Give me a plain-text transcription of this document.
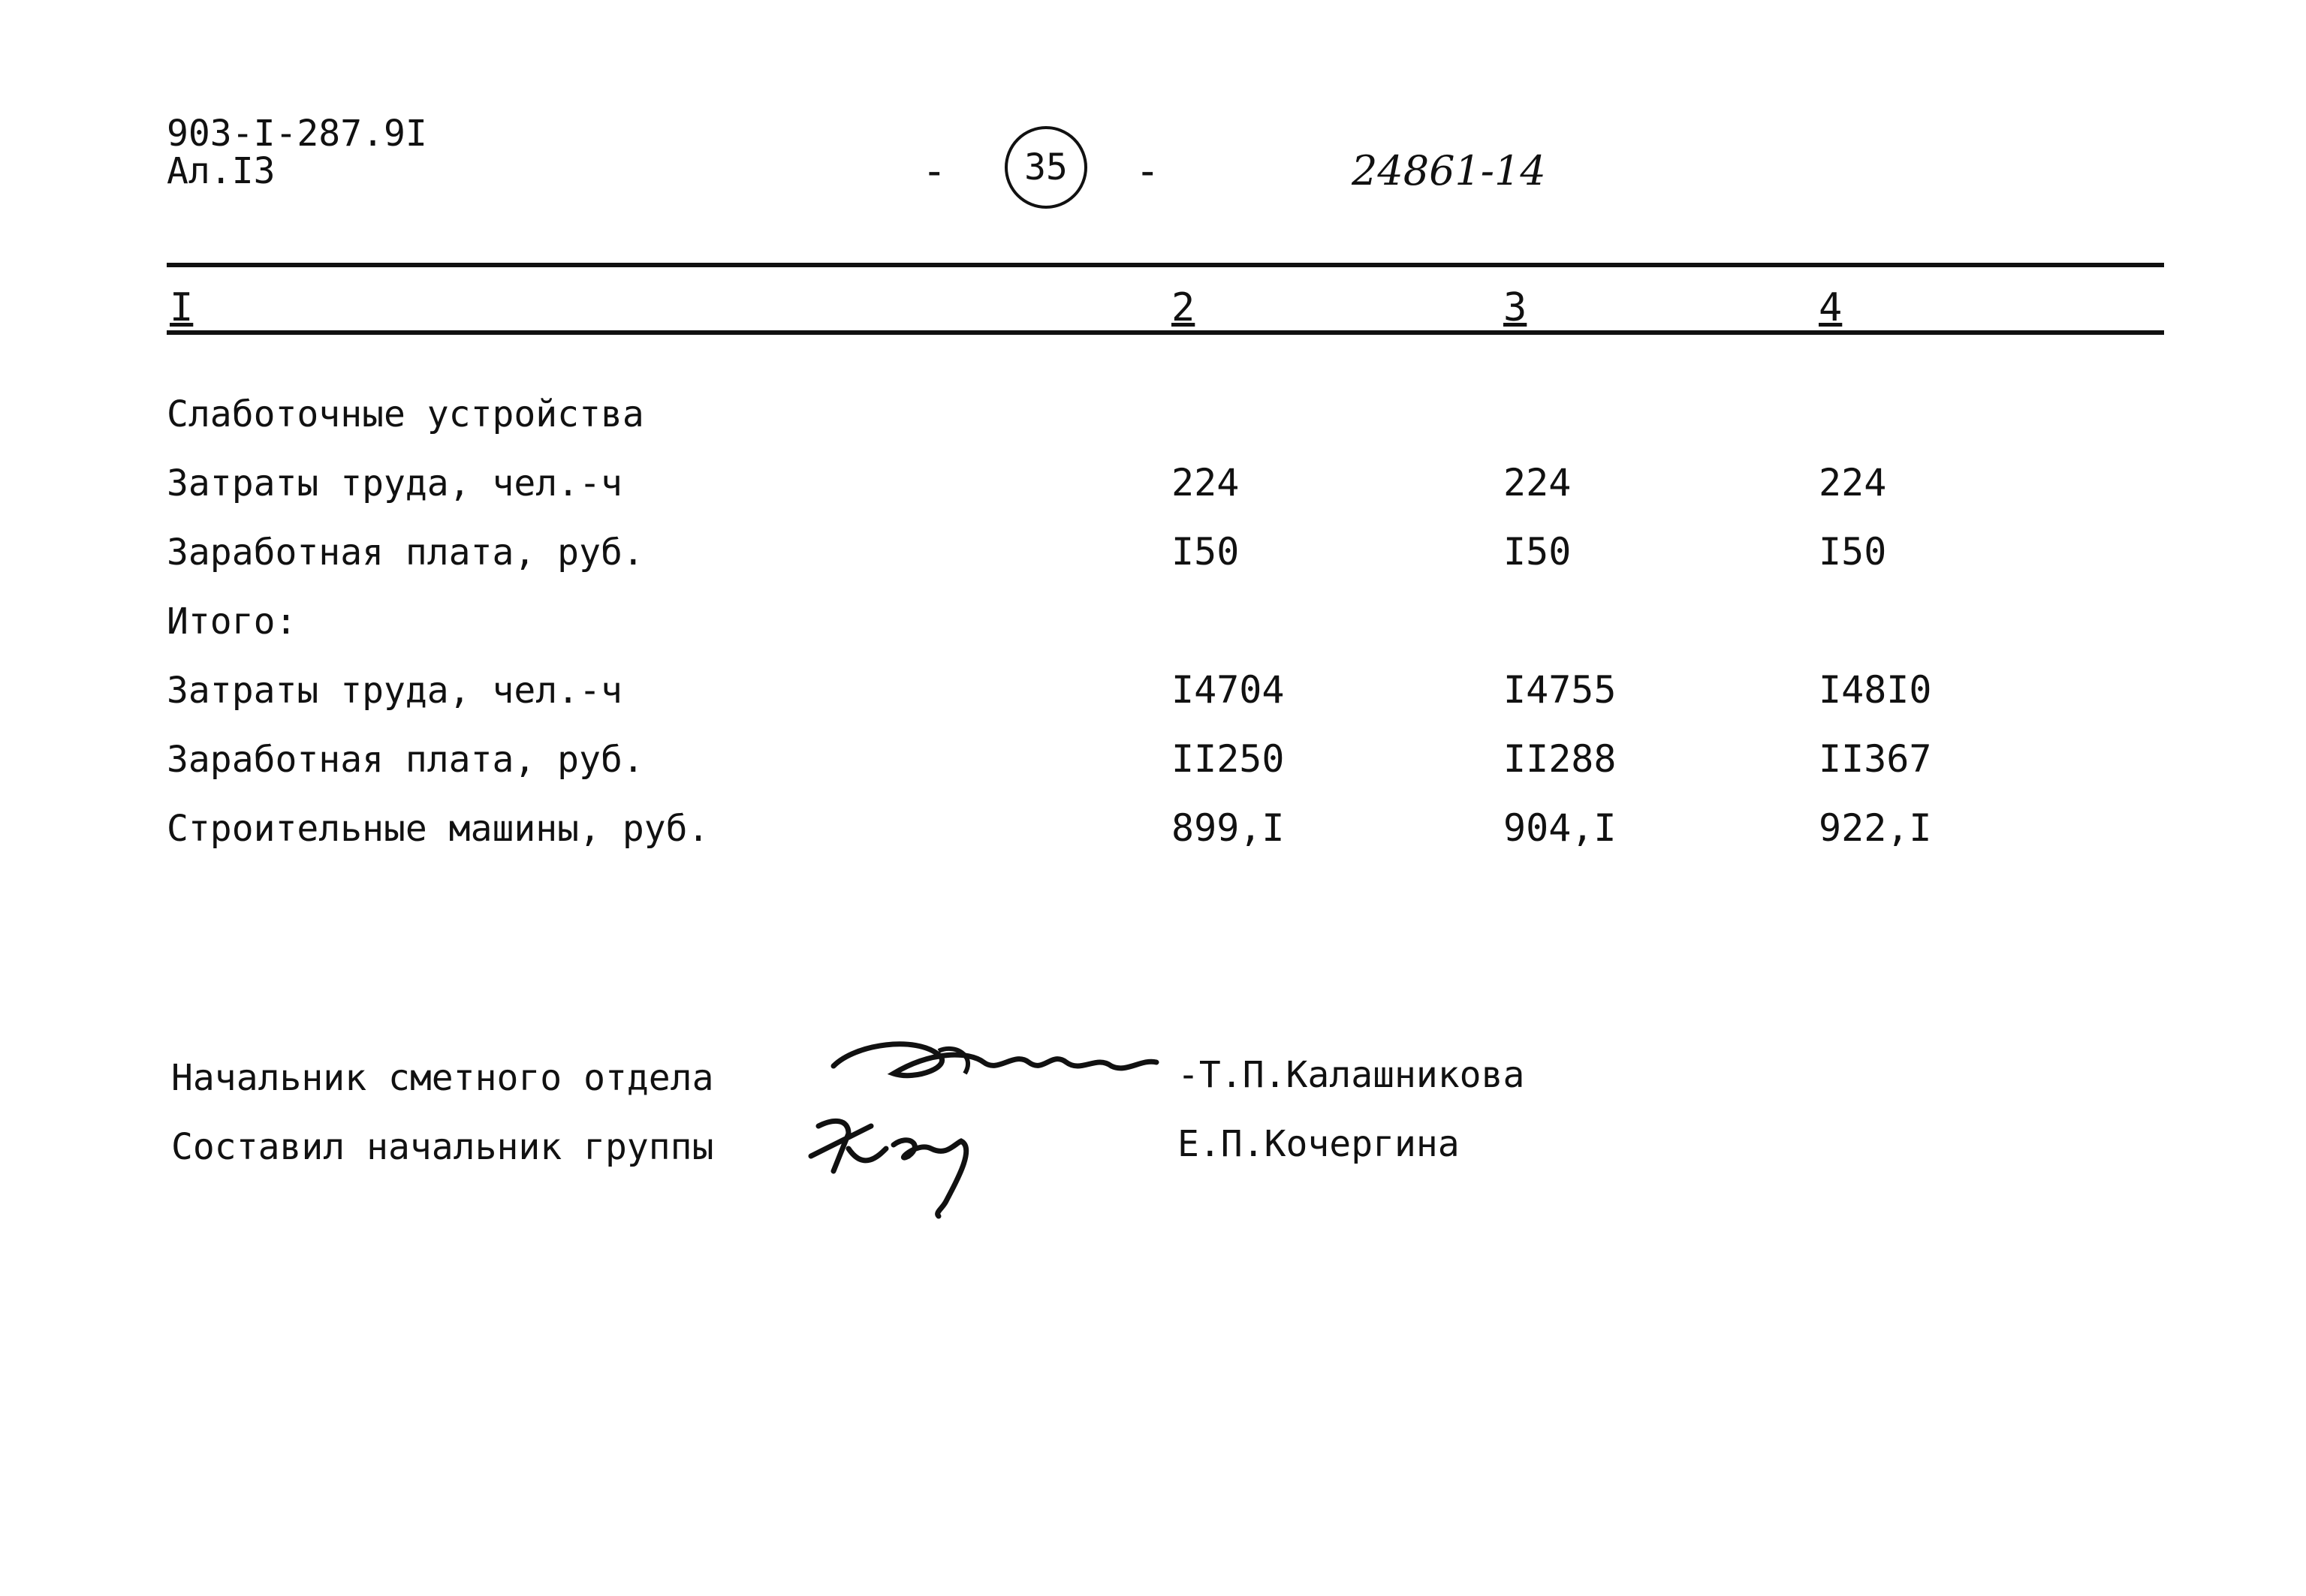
903-I-287.9I
Ал.I3	-	35	-	24861-14
I	2	3	4
Слаботочные устройства
Затраты труда, чел.-ч	224	224	224
Заработная плата, руб.	I50	I50	I50
Итого:
Затраты труда, чел.-ч	I4704	I4755	I48I0
Заработная плата, руб.	II250	II288	II367
Строительные машины, руб.	899,I	904,I	922,I
Начальник сметного отдела	-Т.П.Калашникова
Составил начальник группы	Е.П.Кочергина
